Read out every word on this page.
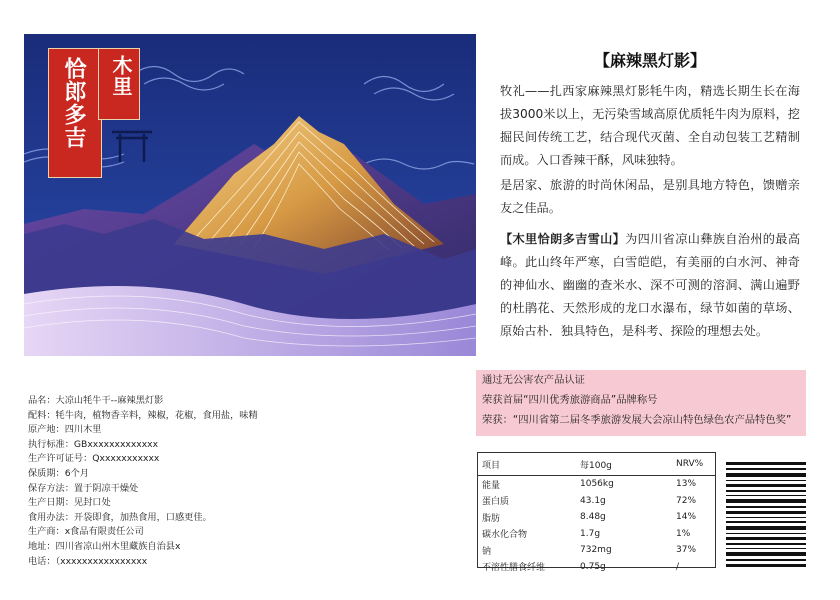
恰郎多吉 木里	【麻辣黑灯影】
牧礼——扎西家麻辣黑灯影牦牛肉，精选长期生长在海拔3000米以上，无污染雪域高原优质牦牛肉为原料，挖掘民间传统工艺，结合现代灭菌、全自动包装工艺精制而成。入口香辣干酥，风味独特。
是居家、旅游的时尚休闲品，是别具地方特色，馈赠亲友之佳品。
【木里恰朗多吉雪山】为四川省凉山彝族自治州的最高峰。此山终年严寒，白雪皑皑，有美丽的白水河、神奇的神仙水、幽幽的查米水、深不可测的溶洞、满山遍野的杜鹃花、天然形成的龙口水瀑布，绿节如菌的草场、原始古朴．独具特色，是科考、探险的理想去处。
通过无公害农产品认证
荣获首届“四川优秀旅游商品”品牌称号
荣获：“四川省第二届冬季旅游发展大会凉山特色绿色农产品特色奖”
品名：大凉山牦牛干--麻辣黑灯影
配料：牦牛肉，植物香辛料，辣椒，花椒，食用盐，味精
原产地：四川木里
执行标准：GBxxxxxxxxxxxxx
生产许可证号：Qxxxxxxxxxxx
保质期：6个月
保存方法：置于阴凉干燥处
生产日期：见封口处
食用办法：开袋即食，加热食用，口感更佳。
生产商：x食品有限责任公司
地址：四川省凉山州木里藏族自治县x
电话：（xxxxxxxxxxxxxxxx
项目	每100g	NRV%
能量	1056kg	13%
蛋白质	43.1g	72%
脂肪	8.48g	14%
碳水化合物	1.7g	1%
钠	732mg	37%
不溶性膳食纤维	0.75g	/
